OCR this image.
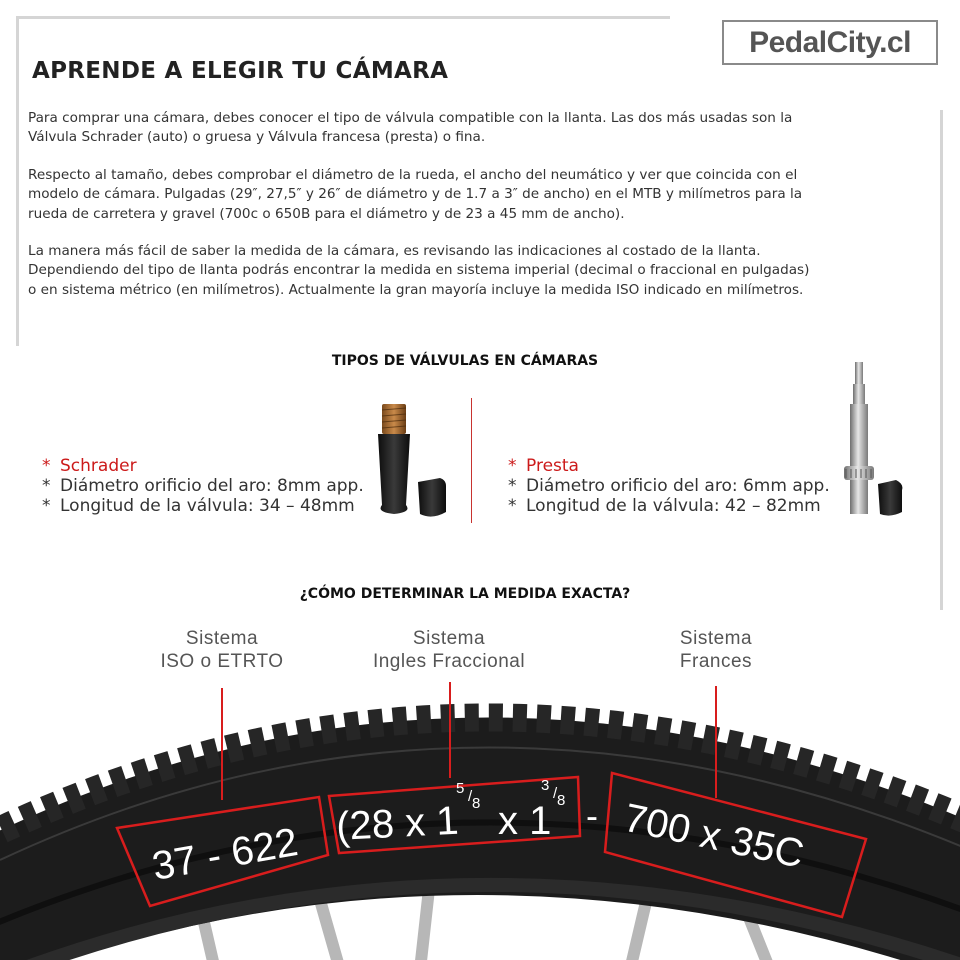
PedalCity.cl
APRENDE A ELEGIR TU CÁMARA

Para comprar una cámara, debes conocer el tipo de válvula compatible con la llanta. Las dos más usadas son la
Válvula Schrader (auto) o gruesa y Válvula francesa (presta) o fina.

Respecto al tamaño, debes comprobar el diámetro de la rueda, el ancho del neumático y ver que coincida con el
modelo de cámara. Pulgadas (29″, 27,5″ y 26″ de diámetro y de 1.7 a 3″ de ancho) en el MTB y milímetros para la
rueda de carretera y gravel (700c o 650B para el diámetro y de 23 a 45 mm de ancho).

La manera más fácil de saber la medida de la cámara, es revisando las indicaciones al costado de la llanta.
Dependiendo del tipo de llanta podrás encontrar la medida en sistema imperial (decimal o fraccional en pulgadas)
o en sistema métrico (en milímetros). Actualmente la gran mayoría incluye la medida ISO indicado en milímetros.

TIPOS DE VÁLVULAS EN CÁMARAS
* Schrader
* Diámetro orificio del aro: 8mm app.
* Longitud de la válvula: 34 – 48mm
* Presta
* Diámetro orificio del aro: 6mm app.
* Longitud de la válvula: 42 – 82mm
¿CÓMO DETERMINAR LA MEDIDA EXACTA?
Sistema
ISO o ETRTO
Sistema
Ingles Fraccional
Sistema
Frances
37 - 622 (28 x 1
5 / 8 x 1
3 / 8 - 700 x 35C
